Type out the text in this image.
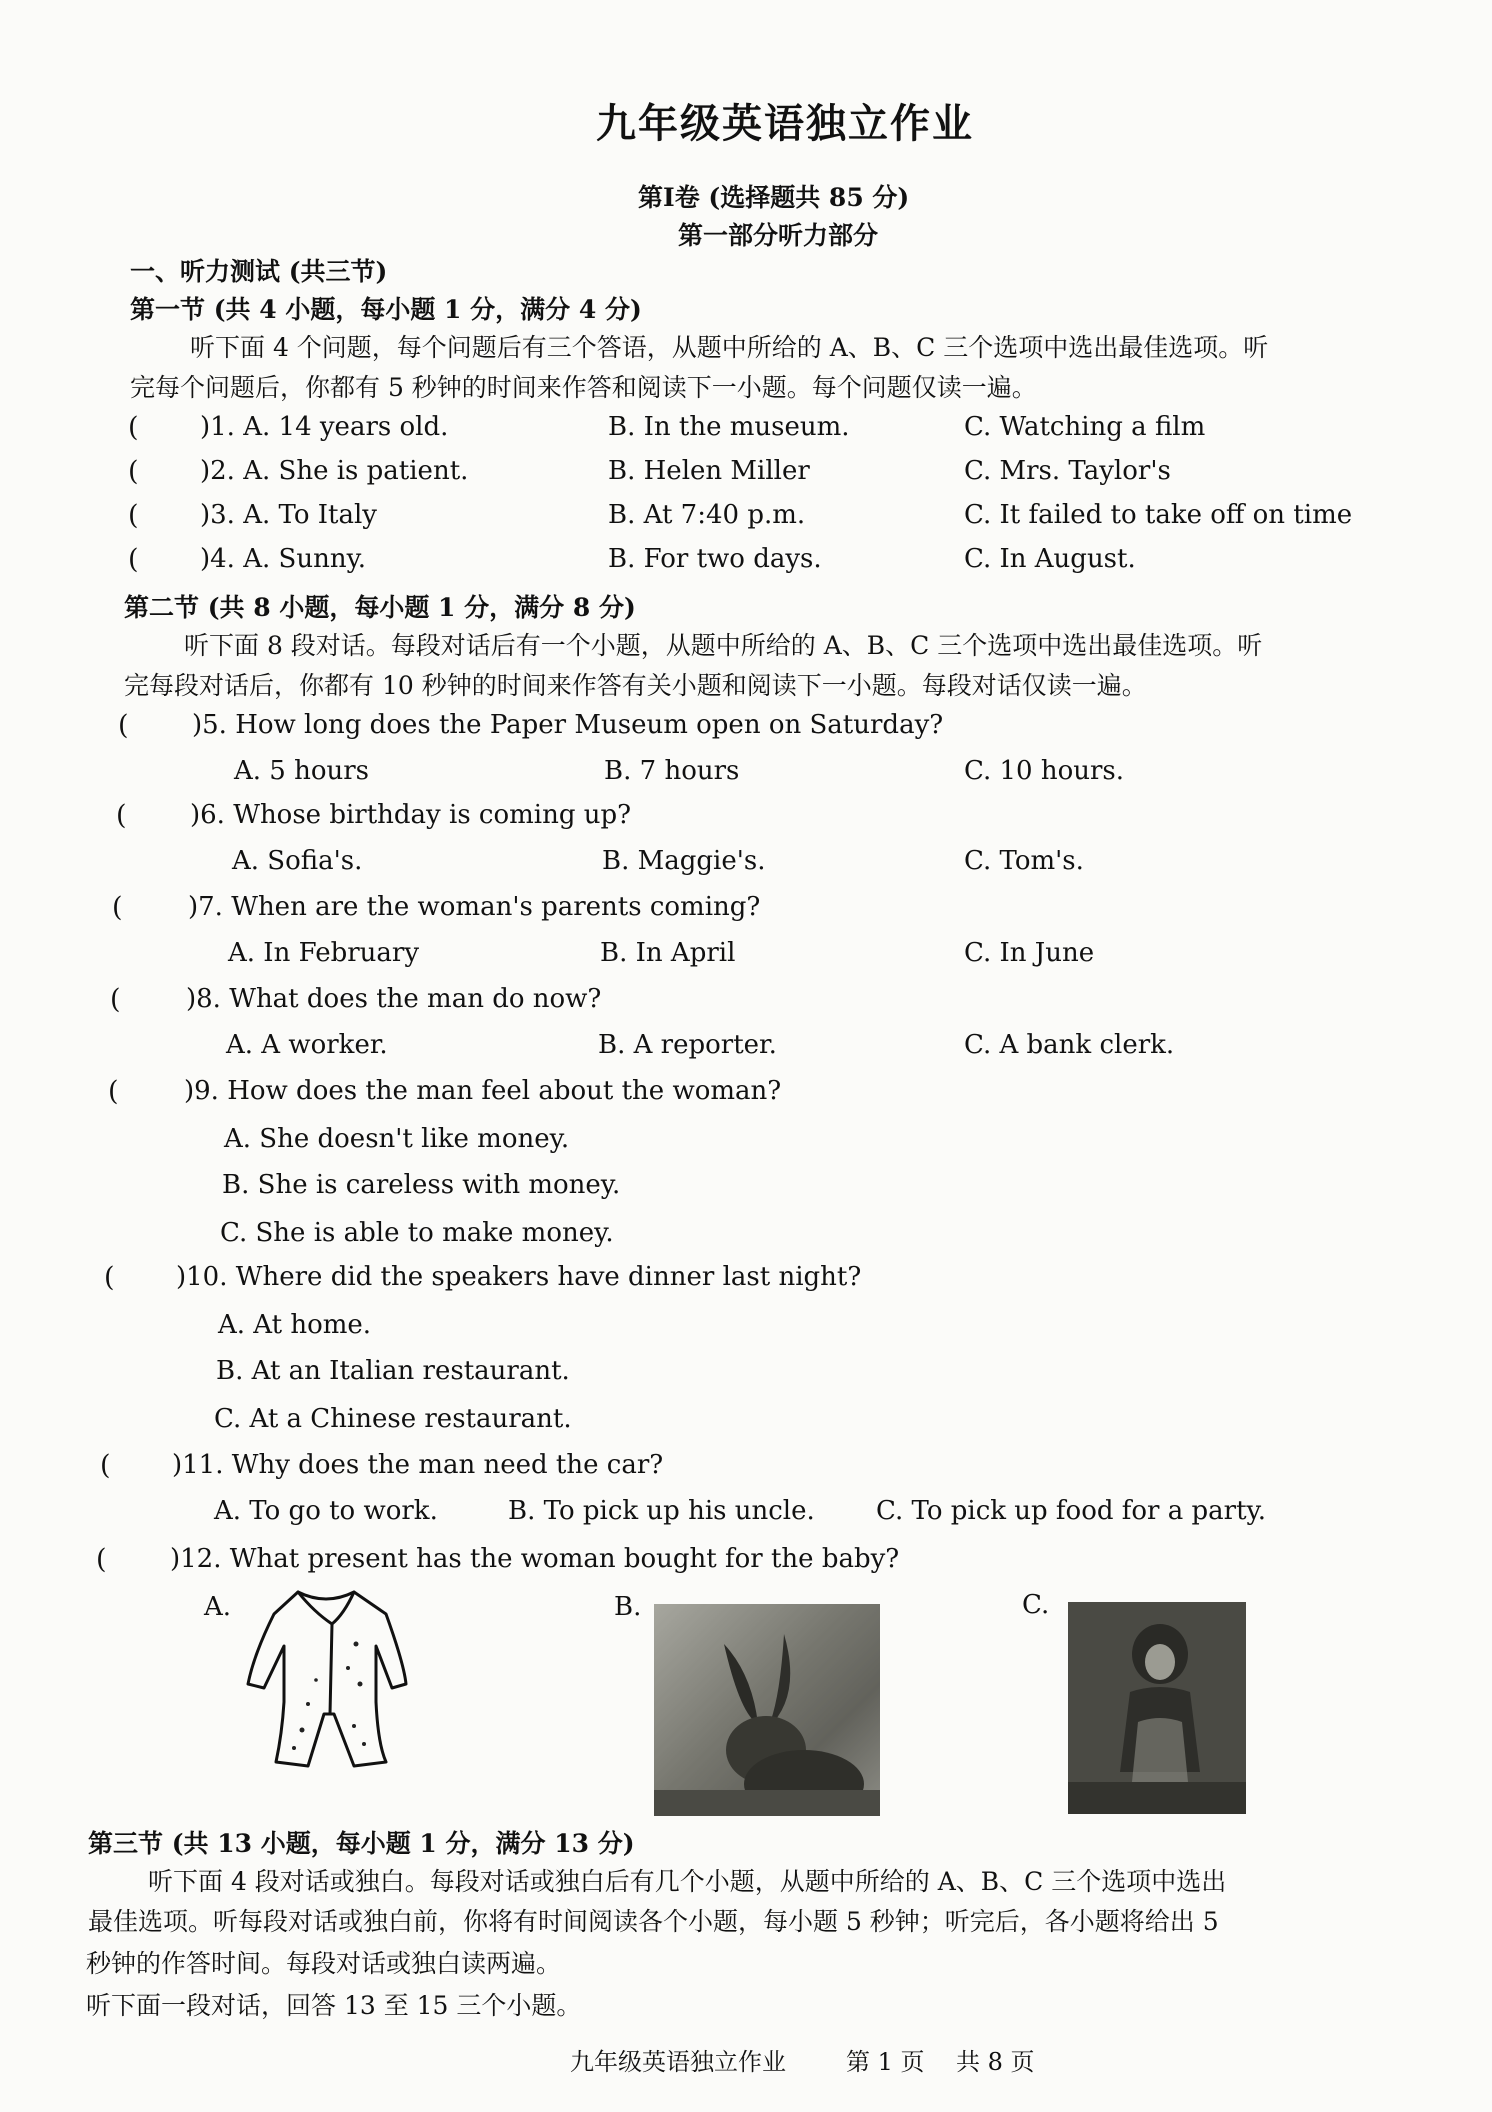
九年级英语独立作业
第Ⅰ卷 (选择题共 85 分)
第一部分听力部分
一、听力测试 (共三节)
第一节 (共 4 小题，每小题 1 分，满分 4 分)
听下面 4 个问题，每个问题后有三个答语，从题中所给的 A、B、C 三个选项中选出最佳选项。听
完每个问题后，你都有 5 秒钟的时间来作答和阅读下一小题。每个问题仅读一遍。
( )1. A. 14 years old.	B. In the museum.	C. Watching a film
( )2. A. She is patient.	B. Helen Miller	C. Mrs. Taylor's
( )3. A. To Italy	B. At 7:40 p.m.	C. It failed to take off on time
( )4. A. Sunny.	B. For two days.	C. In August.
第二节 (共 8 小题，每小题 1 分，满分 8 分)
听下面 8 段对话。每段对话后有一个小题，从题中所给的 A、B、C 三个选项中选出最佳选项。听
完每段对话后，你都有 10 秒钟的时间来作答有关小题和阅读下一小题。每段对话仅读一遍。
( )5. How long does the Paper Museum open on Saturday?
A. 5 hours	B. 7 hours	C. 10 hours.
( )6. Whose birthday is coming up?
A. Sofia's.	B. Maggie's.	C. Tom's.
(	)7. When are the woman's parents coming?
A. In February	B. In April	C. In June
(	)8. What does the man do now?
A. A worker.	B. A reporter.	C. A bank clerk.
(	)9. How does the man feel about the woman?
A. She doesn't like money.
B. She is careless with money.
C. She is able to make money.
( )10. Where did the speakers have dinner last night?
A. At home.
B. At an Italian restaurant.
C. At a Chinese restaurant.
( )11. Why does the man need the car?
A. To go to work.	B. To pick up his uncle. C. To pick up food for a party.
( )12. What present has the woman bought for the baby?
A.	B.	C.
第三节 (共 13 小题，每小题 1 分，满分 13 分)
听下面 4 段对话或独白。每段对话或独白后有几个小题，从题中所给的 A、B、C 三个选项中选出
最佳选项。听每段对话或独白前，你将有时间阅读各个小题，每小题 5 秒钟；听完后，各小题将给出 5
秒钟的作答时间。每段对话或独白读两遍。
听下面一段对话，回答 13 至 15 三个小题。
九年级英语独立作业	第 1 页 共 8 页
